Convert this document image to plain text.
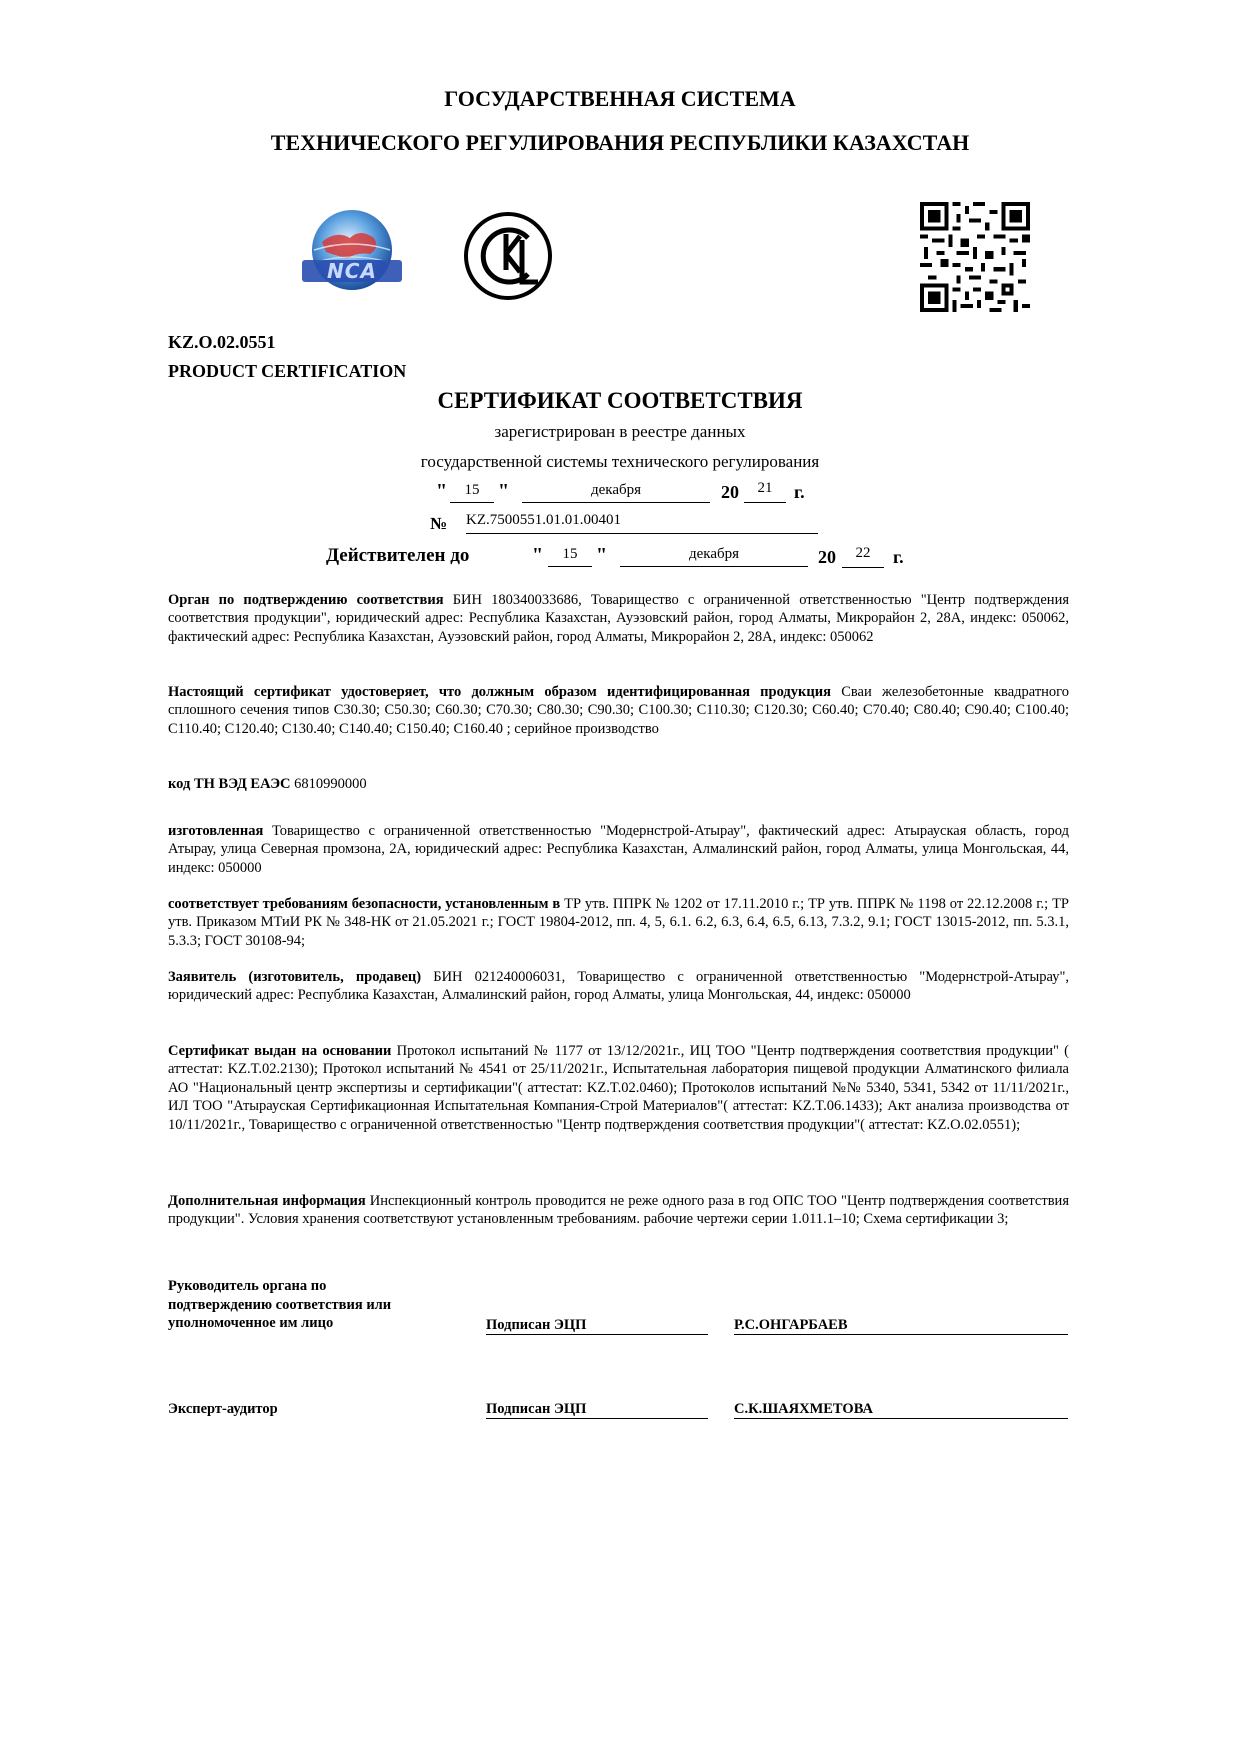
ГОСУДАРСТВЕННАЯ СИСТЕМА
ТЕХНИЧЕСКОГО РЕГУЛИРОВАНИЯ РЕСПУБЛИКИ КАЗАХСТАН
NCA
KZ.O.02.0551
PRODUCT CERTIFICATION
СЕРТИФИКАТ СООТВЕТСТВИЯ
зарегистрирован в реестре данных
государственной системы технического регулирования
"	15 "	декабря	20	21	г.
№ KZ.7500551.01.01.00401
Действителен до	"	15 "	декабря	20	22	г.
Орган по подтверждению соответствия БИН 180340033686, Товарищество с ограниченной ответственностью "Центр подтверждения соответствия продукции", юридический адрес: Республика Казахстан, Ауэзовский район, город Алматы, Микрорайон 2, 28А, индекс: 050062, фактический адрес: Республика Казахстан, Ауэзовский район, город Алматы, Микрорайон 2, 28А, индекс: 050062
Настоящий сертификат удостоверяет, что должным образом идентифицированная продукция Сваи железобетонные квадратного сплошного сечения типов С30.30; С50.30; С60.30; С70.30; С80.30; С90.30; С100.30; С110.30; С120.30; С60.40; С70.40; С80.40; С90.40; С100.40; С110.40; С120.40; С130.40; С140.40; С150.40; С160.40 ; серийное производство
код ТН ВЭД ЕАЭС 6810990000
изготовленная Товарищество с ограниченной ответственностью "Модернстрой-Атырау", фактический адрес: Атырауская область, город Атырау, улица Северная промзона, 2А, юридический адрес: Республика Казахстан, Алмалинский район, город Алматы, улица Монгольская, 44, индекс: 050000
соответствует требованиям безопасности, установленным в ТР утв. ППРК № 1202 от 17.11.2010 г.; ТР утв. ППРК № 1198 от 22.12.2008 г.; ТР утв. Приказом МТиИ РК № 348-НК от 21.05.2021 г.; ГОСТ 19804-2012, пп. 4, 5, 6.1. 6.2, 6.3, 6.4, 6.5, 6.13, 7.3.2, 9.1; ГОСТ 13015-2012, пп. 5.3.1, 5.3.3; ГОСТ 30108-94;
Заявитель (изготовитель, продавец) БИН 021240006031, Товарищество с ограниченной ответственностью "Модернстрой-Атырау", юридический адрес: Республика Казахстан, Алмалинский район, город Алматы, улица Монгольская, 44, индекс: 050000
Сертификат выдан на основании Протокол испытаний № 1177 от 13/12/2021г., ИЦ ТОО "Центр подтверждения соответствия продукции" ( аттестат: KZ.T.02.2130); Протокол испытаний № 4541 от 25/11/2021г., Испытательная лаборатория пищевой продукции Алматинского филиала АО "Национальный центр экспертизы и сертификации"( аттестат: KZ.T.02.0460); Протоколов испытаний №№ 5340, 5341, 5342 от 11/11/2021г., ИЛ ТОО "Атырауская Сертификационная Испытательная Компания-Строй Материалов"( аттестат: KZ.T.06.1433); Акт анализа производства от 10/11/2021г., Товарищество с ограниченной ответственностью "Центр подтверждения соответствия продукции"( аттестат: KZ.O.02.0551);
Дополнительная информация Инспекционный контроль проводится не реже одного раза в год ОПС ТОО "Центр подтверждения соответствия продукции". Условия хранения соответствуют установленным требованиям. рабочие чертежи серии 1.011.1–10; Схема сертификации 3;
Руководитель органа по
подтверждению соответствия или
уполномоченное им лицо	Подписан ЭЦП	Р.С.ОНГАРБАЕВ
Эксперт-аудитор	Подписан ЭЦП	С.К.ШАЯХМЕТОВА
